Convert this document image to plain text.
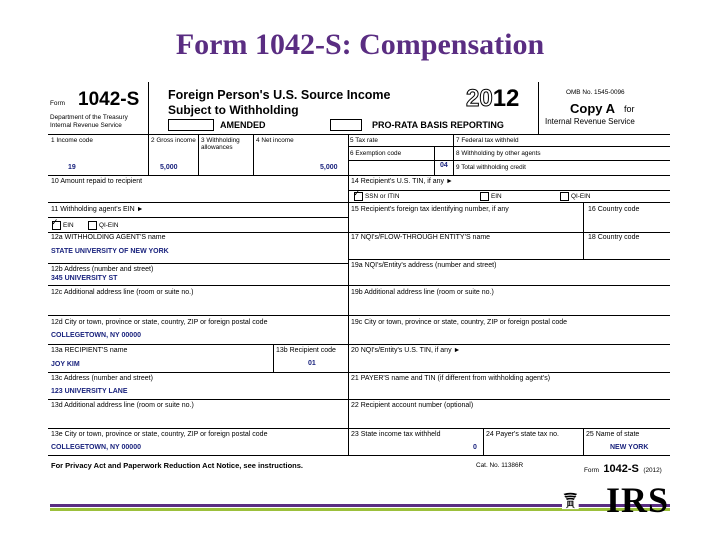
Form 1042-S: Compensation
Form 1042-S
Department of the Treasury
Internal Revenue Service
Foreign Person's U.S. Source Income
Subject to Withholding	2012	OMB No. 1545-0096
Copy A for
Internal Revenue Service
AMENDED	PRO-RATA BASIS REPORTING
1 Income code
19
2 Gross income
5,000
3 Withholding allowances
4 Net income
5,000
5 Tax rate
6 Exemption code
04
7 Federal tax withheld
8 Withholding by other agents
9 Total withholding credit
10 Amount repaid to recipient
11 Withholding agent's EIN ►
✓ EIN	QI-EIN
12a WITHHOLDING AGENT'S name
STATE UNIVERSITY OF NEW YORK
12b Address (number and street)
345 UNIVERSITY ST
12c Additional address line (room or suite no.)
12d City or town, province or state, country, ZIP or foreign postal code
COLLEGETOWN, NY 00000
13a RECIPIENT'S name
JOY KIM
13b Recipient code
01
13c Address (number and street)
123 UNIVERSITY LANE
13d Additional address line (room or suite no.)
13e City or town, province or state, country, ZIP or foreign postal code
COLLEGETOWN, NY 00000
14 Recipient's U.S. TIN, if any ►
✓ SSN or ITIN	EIN	QI-EIN
15 Recipient's foreign tax identifying number, if any	16 Country code
17 NQI's/FLOW-THROUGH ENTITY'S name	18 Country code
19a NQI's/Entity's address (number and street)
19b Additional address line (room or suite no.)
19c City or town, province or state, country, ZIP or foreign postal code
20 NQI's/Entity's U.S. TIN, if any ►
21 PAYER'S name and TIN (if different from withholding agent's)
22 Recipient account number (optional)
23 State income tax withheld
0
24 Payer's state tax no.	25 Name of state
NEW YORK
For Privacy Act and Paperwork Reduction Act Notice, see instructions.	Cat. No. 11386R
Form 1042-S (2012)
IRS
